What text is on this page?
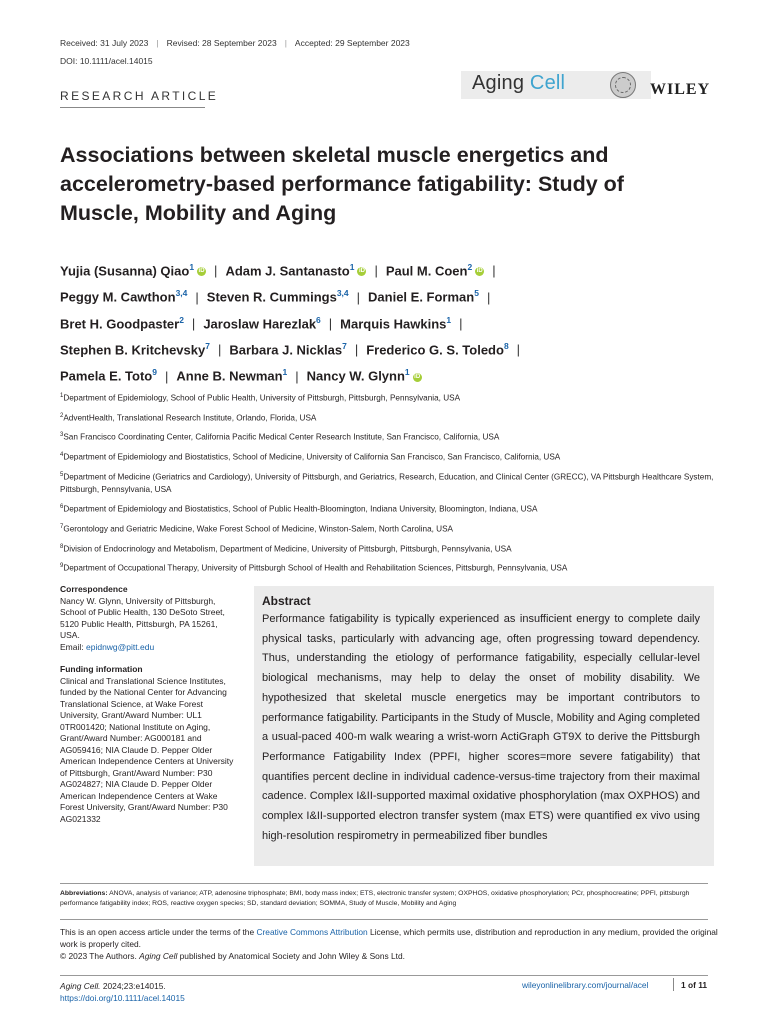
Received: 31 July 2023 | Revised: 28 September 2023 | Accepted: 29 September 2023
DOI: 10.1111/acel.14015
Aging Cell	WILEY
RESEARCH ARTICLE
Associations between skeletal muscle energetics and accelerometry-based performance fatigability: Study of Muscle, Mobility and Aging
Yujia (Susanna) Qiao$^1$ iD | Adam J. Santanasto$^1$ iD | Paul M. Coen$^2$ iD |
Peggy M. Cawthon$^{3,4}$ | Steven R. Cummings$^{3,4}$ | Daniel E. Forman$^5$ |
Bret H. Goodpaster$^2$ | Jaroslaw Harezlak$^6$ | Marquis Hawkins$^1$ |
Stephen B. Kritchevsky$^7$ | Barbara J. Nicklas$^7$ | Frederico G. S. Toledo$^8$ |
Pamela E. Toto$^9$ | Anne B. Newman$^1$ | Nancy W. Glynn$^1$ iD
$^1$Department of Epidemiology, School of Public Health, University of Pittsburgh, Pittsburgh, Pennsylvania, USA
$^2$AdventHealth, Translational Research Institute, Orlando, Florida, USA
$^3$San Francisco Coordinating Center, California Pacific Medical Center Research Institute, San Francisco, California, USA
$^4$Department of Epidemiology and Biostatistics, School of Medicine, University of California San Francisco, San Francisco, California, USA
$^5$Department of Medicine (Geriatrics and Cardiology), University of Pittsburgh, and Geriatrics, Research, Education, and Clinical Center (GRECC), VA Pittsburgh Healthcare System, Pittsburgh, Pennsylvania, USA
$^6$Department of Epidemiology and Biostatistics, School of Public Health-Bloomington, Indiana University, Bloomington, Indiana, USA
$^7$Gerontology and Geriatric Medicine, Wake Forest School of Medicine, Winston-Salem, North Carolina, USA
$^8$Division of Endocrinology and Metabolism, Department of Medicine, University of Pittsburgh, Pittsburgh, Pennsylvania, USA
$^9$Department of Occupational Therapy, University of Pittsburgh School of Health and Rehabilitation Sciences, Pittsburgh, Pennsylvania, USA
Correspondence
Nancy W. Glynn, University of Pittsburgh, School of Public Health, 130 DeSoto Street, 5120 Public Health, Pittsburgh, PA 15261, USA.
Email: epidnwg@pitt.edu
Funding information
Clinical and Translational Science Institutes, funded by the National Center for Advancing Translational Science, at Wake Forest University, Grant/Award Number: UL1 0TR001420; National Institute on Aging, Grant/Award Number: AG000181 and AG059416; NIA Claude D. Pepper Older American Independence Centers at University of Pittsburgh, Grant/Award Number: P30 AG024827; NIA Claude D. Pepper Older American Independence Centers at Wake Forest University, Grant/Award Number: P30 AG021332
Abstract
Performance fatigability is typically experienced as insufficient energy to complete daily physical tasks, particularly with advancing age, often progressing toward dependency. Thus, understanding the etiology of performance fatigability, especially cellular-level biological mechanisms, may help to delay the onset of mobility disability. We hypothesized that skeletal muscle energetics may be important contributors to performance fatigability. Participants in the Study of Muscle, Mobility and Aging completed a usual-paced 400-m walk wearing a wrist-worn ActiGraph GT9X to derive the Pittsburgh Performance Fatigability Index (PPFI, higher scores=more severe fatigability) that quantifies percent decline in individual cadence-versus-time trajectory from their maximal cadence. Complex I&II-supported maximal oxidative phosphorylation (max OXPHOS) and complex I&II-supported electron transfer system (max ETS) were quantified ex vivo using high-resolution respirometry in permeabilized fiber bundles
Abbreviations: ANOVA, analysis of variance; ATP, adenosine triphosphate; BMI, body mass index; ETS, electronic transfer system; OXPHOS, oxidative phosphorylation; PCr, phosphocreatine; PPFI, pittsburgh performance fatigability index; ROS, reactive oxygen species; SD, standard deviation; SOMMA, Study of Muscle, Mobility and Aging
This is an open access article under the terms of the Creative Commons Attribution License, which permits use, distribution and reproduction in any medium, provided the original work is properly cited.
© 2023 The Authors. Aging Cell published by Anatomical Society and John Wiley & Sons Ltd.
Aging Cell. 2024;23:e14015.
https://doi.org/10.1111/acel.14015
wileyonlinelibrary.com/journal/acel	1 of 11
